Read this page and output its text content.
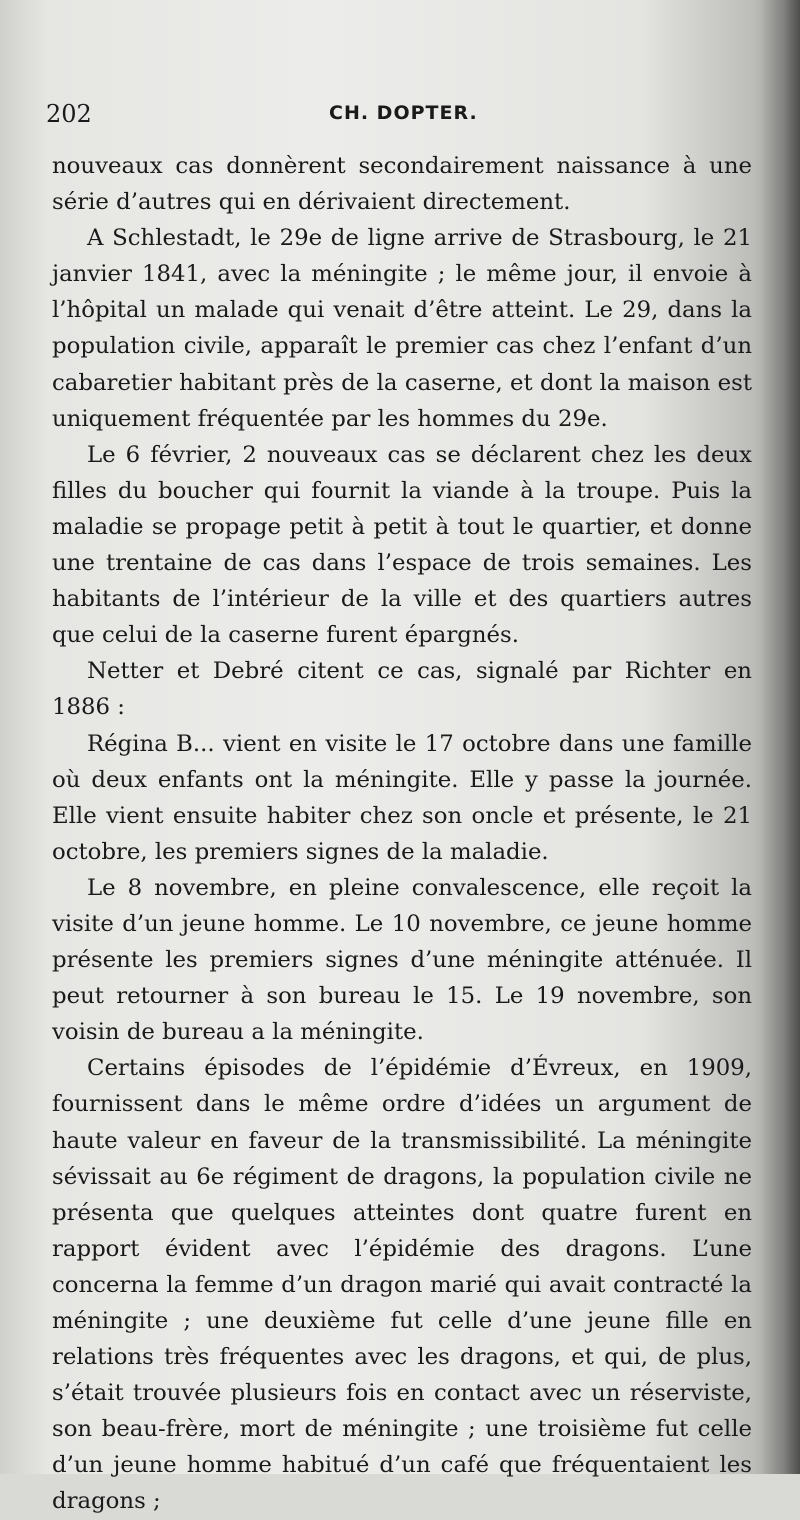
202	CH. DOPTER.

nouveaux cas donnèrent secondairement naissance à une série d’autres qui en dérivaient directement.

A Schlestadt, le 29e de ligne arrive de Strasbourg, le 21 janvier 1841, avec la méningite ; le même jour, il envoie à l’hôpital un malade qui venait d’être atteint. Le 29, dans la population civile, apparaît le premier cas chez l’enfant d’un cabaretier habitant près de la caserne, et dont la maison est uniquement fréquentée par les hommes du 29e.

Le 6 février, 2 nouveaux cas se déclarent chez les deux filles du boucher qui fournit la viande à la troupe. Puis la maladie se propage petit à petit à tout le quartier, et donne une trentaine de cas dans l’espace de trois semaines. Les habitants de l’intérieur de la ville et des quartiers autres que celui de la caserne furent épargnés.

Netter et Debré citent ce cas, signalé par Richter en 1886 :

Régina B... vient en visite le 17 octobre dans une famille où deux enfants ont la méningite. Elle y passe la journée. Elle vient ensuite habiter chez son oncle et présente, le 21 octobre, les premiers signes de la maladie.

Le 8 novembre, en pleine convalescence, elle reçoit la visite d’un jeune homme. Le 10 novembre, ce jeune homme présente les premiers signes d’une méningite atténuée. Il peut retourner à son bureau le 15. Le 19 novembre, son voisin de bureau a la méningite.

Certains épisodes de l’épidémie d’Évreux, en 1909, fournissent dans le même ordre d’idées un argument de haute valeur en faveur de la transmissibilité. La méningite sévissait au 6e régiment de dragons, la population civile ne présenta que quelques atteintes dont quatre furent en rapport évident avec l’épidémie des dragons. L’une concerna la femme d’un dragon marié qui avait contracté la méningite ; une deuxième fut celle d’une jeune fille en relations très fréquentes avec les dragons, et qui, de plus, s’était trouvée plusieurs fois en contact avec un réserviste, son beau-frère, mort de méningite ; une troisième fut celle d’un jeune homme habitué d’un café que fréquentaient les dragons ;
